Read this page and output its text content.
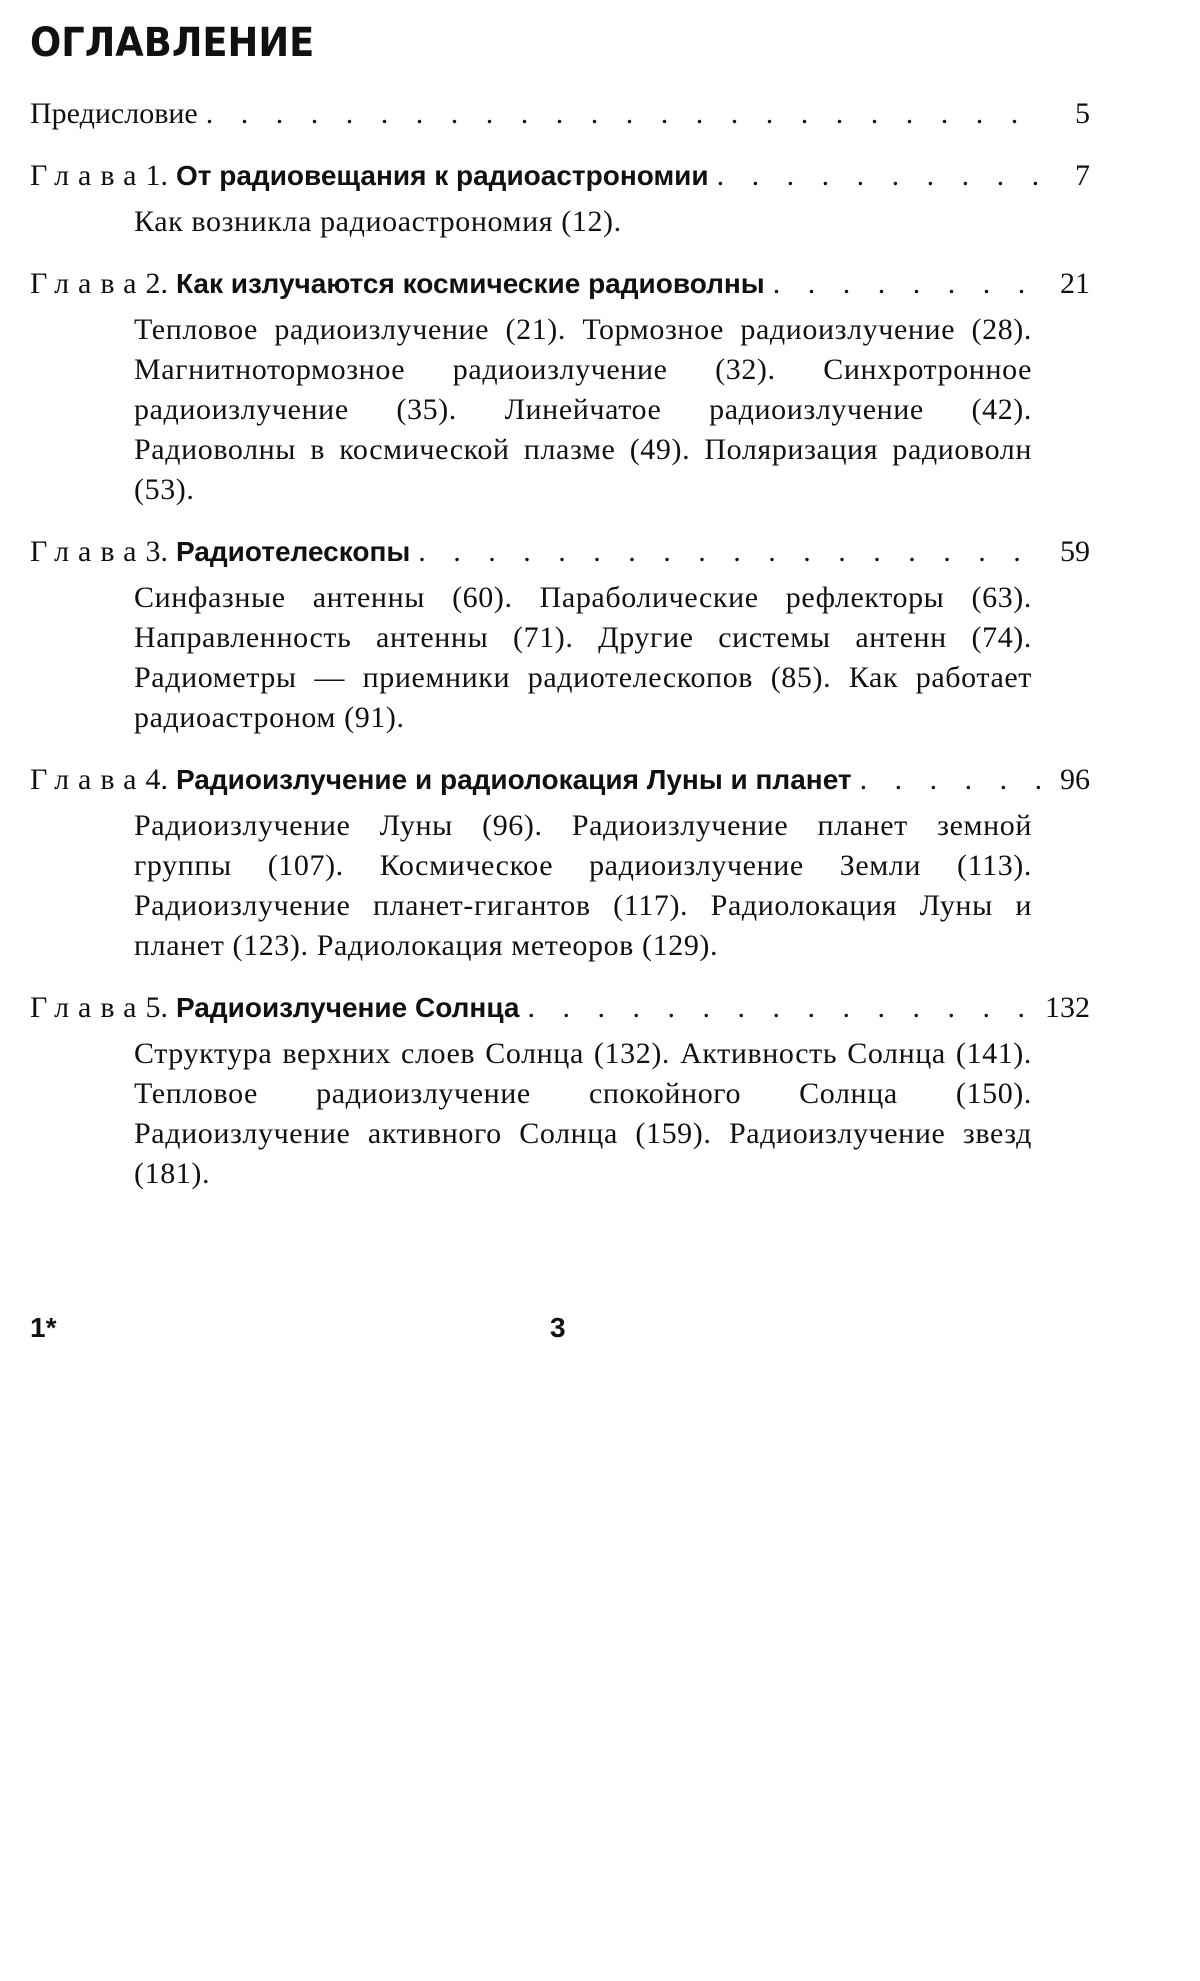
ОГЛАВЛЕНИЕ
Предисловие . . .	5
Глава 1. От радиовещания к радиоастрономии . . .	7
Как возникла радиоастрономия (12).
Глава 2. Как излучаются космические радиоволны . . .	21
Тепловое радиоизлучение (21). Тормозное радиоизлучение (28). Магнитнотормозное радиоизлучение (32). Синхротронное радиоизлучение (35). Линейчатое радиоизлучение (42). Радиоволны в космической плазме (49). Поляризация радиоволн (53).
Глава 3. Радиотелескопы . . .	59
Синфазные антенны (60). Параболические рефлекторы (63). Направленность антенны (71). Другие системы антенн (74). Радиометры — приемники радиотелескопов (85). Как работает радиоастроном (91).
Глава 4. Радиоизлучение и радиолокация Луны и планет . . .	96
Радиоизлучение Луны (96). Радиоизлучение планет земной группы (107). Космическое радиоизлучение Земли (113). Радиоизлучение планет-гигантов (117). Радиолокация Луны и планет (123). Радиолокация метеоров (129).
Глава 5. Радиоизлучение Солнца . . .	132
Структура верхних слоев Солнца (132). Активность Солнца (141). Тепловое радиоизлучение спокойного Солнца (150). Радиоизлучение активного Солнца (159). Радиоизлучение звезд (181).
1*	3
